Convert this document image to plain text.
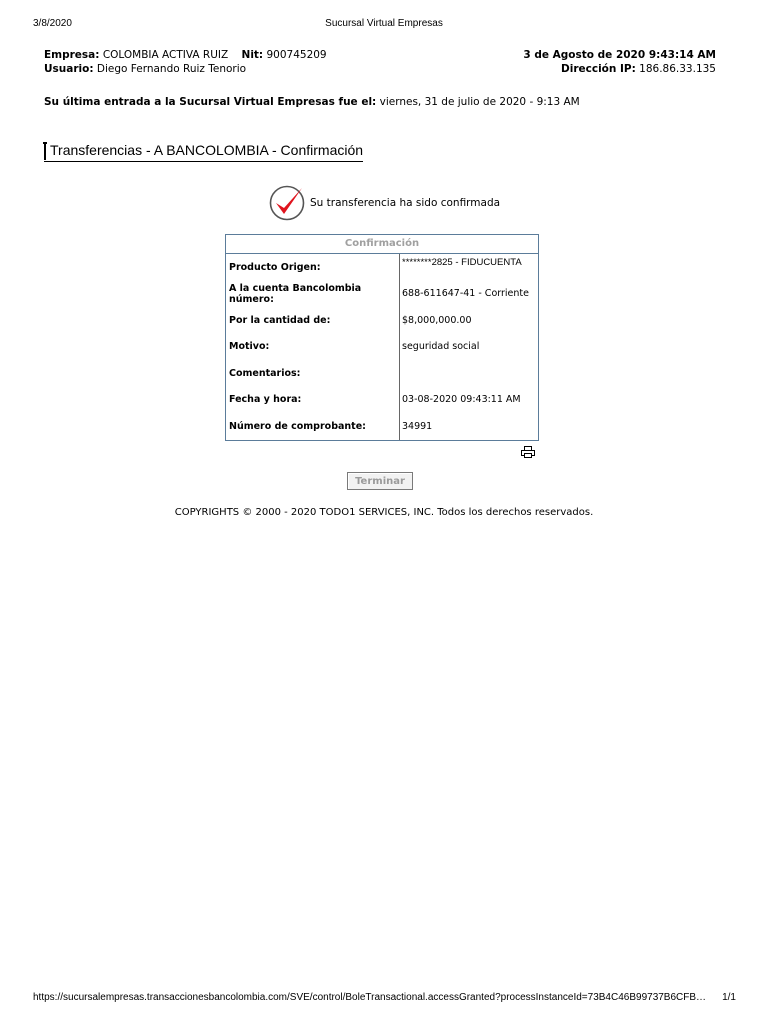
3/8/2020	Sucursal Virtual Empresas
Empresa: COLOMBIA ACTIVA RUIZ Nit: 900745209	3 de Agosto de 2020 9:43:14 AM
Usuario: Diego Fernando Ruiz Tenorio	Dirección IP: 186.86.33.135
Su última entrada a la Sucursal Virtual Empresas fue el: viernes, 31 de julio de 2020 - 9:13 AM
Transferencias - A BANCOLOMBIA - Confirmación
Su transferencia ha sido confirmada
Confirmación
Producto Origen:	********2825 - FIDUCUENTA
A la cuenta Bancolombia número:	688-611647-41 - Corriente
Por la cantidad de:	$8,000,000.00
Motivo:	seguridad social
Comentarios:
Fecha y hora:	03-08-2020 09:43:11 AM
Número de comprobante:	34991
Terminar
COPYRIGHTS © 2000 - 2020 TODO1 SERVICES, INC. Todos los derechos reservados.
https://sucursalempresas.transaccionesbancolombia.com/SVE/control/BoleTransactional.accessGranted?processInstanceId=73B4C46B99737B6CFB…	1/1
